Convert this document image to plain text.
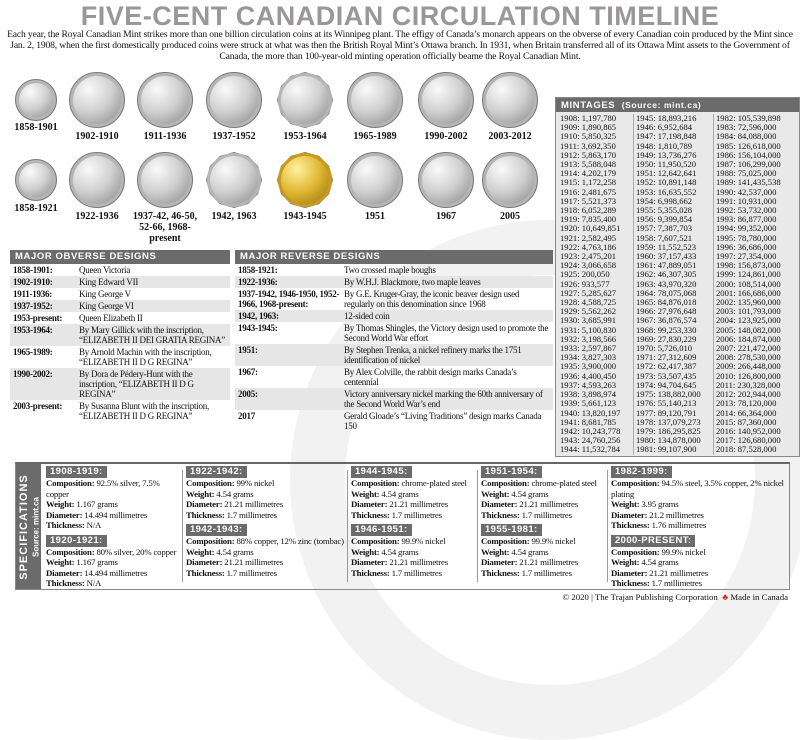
FIVE-CENT CANADIAN CIRCULATION TIMELINE
Each year, the Royal Canadian Mint strikes more than one billion circulation coins at its Winnipeg plant. The effigy of Canada’s monarch appears on the obverse of every Canadian coin produced by the Mint since Jan. 2, 1908, when the first domestically produced coins were struck at what was then the British Royal Mint’s Ottawa branch. In 1931, when Britain transferred all of its Ottawa Mint assets to the Government of Canada, the more than 100-year-old minting operation officially beame the Royal Canadian Mint.
1858-1901
1902-1910	1911-1936	1937-1952	1953-1964	1965-1989	1990-2002	2003-2012
1858-1921
1922-1936	1937-42, 46-50, 52-66, 1968-present
1942, 1963	1943-1945	1951	1967	2005
MAJOR OBVERSE DESIGNS
1858-1901:	Queen Victoria
1902-1910:	King Edward VII
1911-1936:	King George V
1937-1952:	King George VI
1953-present:	Queen Elizabeth II
1953-1964:	By Mary Gillick with the inscription, “ELIZABETH II DEI GRATIA REGINA”
1965-1989:	By Arnold Machin with the inscription, “ELIZABETH II D G REGINA”
1990-2002:	By Dora de Pédery-Hunt with the inscription, “ELIZABETH II D G REGINA”
2003-present:	By Susanna Blunt with the inscription, “ELIZABETH II D G REGINA”
MAJOR REVERSE DESIGNS
1858-1921:	Two crossed maple boughs
1922-1936:	By W.H.J. Blackmore, two maple leaves
1937-1942, 1946-1950, 1952-1966, 1968-present:
By G.E. Kruger-Gray, the iconic beaver design used regularly on this denomination since 1968
1942, 1963:	12-sided coin
1943-1945:	By Thomas Shingles, the Victory design used to promote the Second World War effort
1951:	By Stephen Trenka, a nickel refinery marks the 1751 identification of nickel
1967:	By Alex Colville, the rabbit design marks Canada’s centennial
2005:	Victory anniversary nickel marking the 60th anniversary of the Second World War’s end
2017	Gerald Gloade’s “Living Traditions” design marks Canada 150
MINTAGES (Source: mint.ca)
1908: 1,197,780
1909: 1,890,865
1910: 5,850,325
1911: 3,692,350
1912: 5,863,170
1913: 5,588,048
1914: 4,202,179
1915: 1,172,258
1916: 2,481,675
1917: 5,521,373
1918: 6,052,289
1919: 7,835,400
1920: 10,649,851
1921: 2,582,495
1922: 4,763,186
1923: 2,475,201
1924: 3,066,658
1925: 200,050
1926: 933,577
1927: 5,285,627
1928: 4,588,725
1929: 5,562,262
1930: 3,685,991
1931: 5,100,830
1932: 3,198,566
1933: 2,597,867
1934: 3,827,303
1935: 3,900,000
1936: 4,400,450
1937: 4,593,263
1938: 3,898,974
1939: 5,661,123
1940: 13,820,197
1941: 8,681,785
1942: 10,243,778
1943: 24,760,256
1944: 11,532,784
1945: 18,893,216
1946: 6,952,684
1947: 17,198,848
1948: 1,810,789
1949: 13,736,276
1950: 11,950,520
1951: 12,642,641
1952: 10,891,148
1953: 16,635,552
1954: 6,998,662
1955: 5,355,028
1956: 9,399,854
1957: 7,387,703
1958: 7,607,521
1959: 11,552,523
1960: 37,157,433
1961: 47,889,051
1962: 46,307,305
1963: 43,970,320
1964: 78,075,068
1965: 84,876,018
1966: 27,976,648
1967: 36,876,574
1968: 99,253,330
1969: 27,830,229
1970: 5,726,010
1971: 27,312,609
1972: 62,417,387
1973: 53,507,435
1974: 94,704,645
1975: 138,882,000
1976: 55,140,213
1977: 89,120,791
1978: 137,079,273
1979: 186,295,825
1980: 134,878,000
1981: 99,107,900
1982: 105,539,898
1983: 72,596,000
1984: 84,088,000
1985: 126,618,000
1986: 156,104,000
1987: 106,299,000
1988: 75,025,000
1989: 141,435,538
1990: 42,537,000
1991: 10,931,000
1992: 53,732,000
1993: 86,877,000
1994: 99,352,000
1995: 78,780,000
1996: 36,686,000
1997: 27,354,000
1998: 156,873,000
1999: 124,861,000
2000: 108,514,000
2001: 166,686,000
2002: 135,960,000
2003: 101,793,000
2004: 123,925,000
2005: 148,082,000
2006: 184,874,000
2007: 221,472,000
2008: 278,530,000
2009: 266,448,000
2010: 126,800,000
2011: 230,328,000
2012: 202,944,000
2013: 78,120,000
2014: 66,364,000
2015: 87,360,000
2016: 140,952,000
2017: 126,680,000
2018: 87,528,000
SPECIFICATIONS Source: mint.ca
1908-1919:
Composition: 92.5% silver, 7.5% copper
Weight: 1.167 grams
Diameter: 14.494 millimetres
Thickness: N/A
1920-1921:
Composition: 80% silver, 20% copper
Weight: 1.167 grams
Diameter: 14.494 millimetres
Thickness: N/A
1922-1942:
Composition: 99% nickel
Weight: 4.54 grams
Diameter: 21.21 millimetres
Thickness: 1.7 millimetres
1942-1943:
Composition: 88% copper, 12% zinc (tombac)
Weight: 4.54 grams
Diameter: 21.21 millimetres
Thickness: 1.7 millimetres
1944-1945:
Composition: chrome-plated steel
Weight: 4.54 grams
Diameter: 21.21 millimetres
Thickness: 1.7 millimetres
1946-1951:
Composition: 99.9% nickel
Weight: 4.54 grams
Diameter: 21.21 millimetres
Thickness: 1.7 millimetres
1951-1954:
Composition: chrome-plated steel
Weight: 4.54 grams
Diameter: 21.21 millimetres
Thickness: 1.7 millimetres
1955-1981:
Composition: 99.9% nickel
Weight: 4.54 grams
Diameter: 21.21 millimetres
Thickness: 1.7 millimetres
1982-1999:
Composition: 94.5% steel, 3.5% copper, 2% nickel plating
Weight: 3.95 grams
Diameter: 21.2 millimetres
Thickness: 1.76 millimetres
2000-PRESENT:
Composition: 99.9% nickel
Weight: 4.54 grams
Diameter: 21.21 millimetres
Thickness: 1.7 millimetres
© 2020 | The Trajan Publishing Corporation ♣ Made in Canada
